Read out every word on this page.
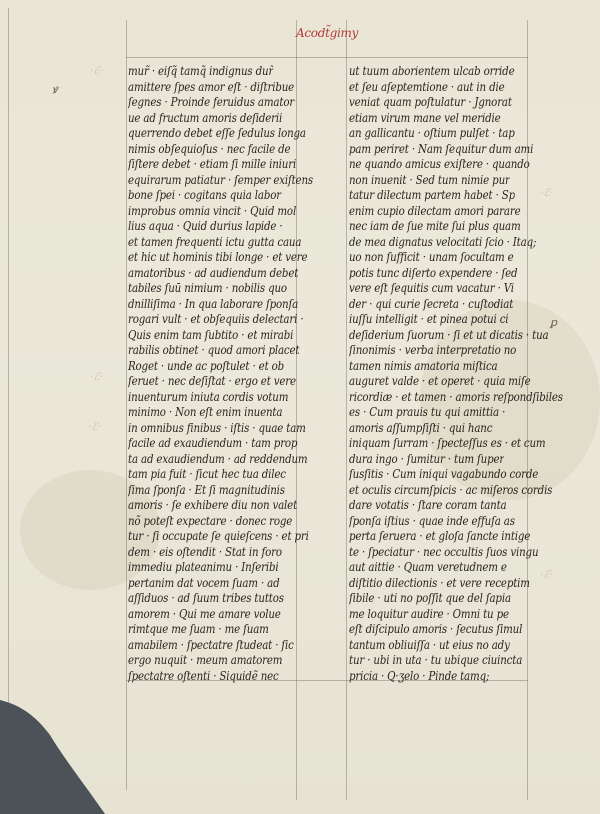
Acodt̃gimy
ꝟ
ꝑ
·ℰ·
·ℰ·
·ℰ·
·ℰ·
·ℰ·
mur̃ · eiſq̃ tamq̃ indignus dur̃
amittere ſpes amor eſt · diſtribue
ſegnes · Proinde feruidus amator
ue ad fructum amoris deſiderii
querrendo debet eſſe ſedulus longa
nimis obſequioſus · nec facile de
ſiſtere debet · etiam ſi mille iniuri
equirarum patiatur · ſemper exiſtens
bone ſpei · cogitans quia labor
improbus omnia vincit · Quid mol
lius aqua · Quid durius lapide ·
et tamen frequenti ictu gutta caua
et hic ut hominis tibi longe · et vere
amatoribus · ad audiendum debet
tabiles ſuū nimium · nobilis quo
dnilliſima · In qua laborare ſponſa
rogari vult · et obſequiis delectari ·
Quis enim tam ſubtito · et mirabi
rabilis obtinet · quod amori placet
Roget · unde ac poſtulet · et ob
ſeruet · nec deſiſtat · ergo et vere
inuenturum iniuta cordis votum
minimo · Non eſt enim inuenta
in omnibus finibus · iſtis · quae tam
facile ad exaudiendum · tam prop
ta ad exaudiendum · ad reddendum
tam pia fuit · ſicut hec tua dilec
ſima ſponſa · Et ſi magnitudinis
amoris · ſe exhibere diu non valet
nõ poteſt expectare · donec roge
tur · ſi occupate ſe quieſcens · et pri
dem · eis oſtendit · Stat in foro
immediu plateanimu · Inſeribi
pertanim dat vocem ſuam · ad
aſſiduos · ad ſuum tribes tuttos
amorem · Qui me amare volue
rimtque me ſuam · me ſuam
amabilem · ſpectatre ſtudeat · ſic
ergo nuquit · meum amatorem
ſpectatre oſtenti · Siquidẽ nec
ut tuum aborientem ulcab orride
et ſeu aſeptemtione · aut in die
veniat quam poſtulatur · Jgnorat
etiam virum mane vel meridie
an gallicantu · oſtium pulſet · tap
pam periret · Nam ſequitur dum ami
ne quando amicus exiſtere · quando
non inuenit · Sed tum nimie pur
tatur dilectum partem habet · Sp
enim cupio dilectam amori parare
nec iam de ſue mite ſui plus quam
de mea dignatus velocitati ſcio · Itaq;
uo non ſufficit · unam ſocultam e
potis tunc diſerto expendere · ſed
vere eſt ſequitis cum vacatur · Vi
der · qui curie ſecreta · cuſtodiat
iuſſu intelligit · et pinea potui ci
deſiderium ſuorum · ſi et ut dicatis · tua
ſinonimis · verba interpretatio no
tamen nimis amatoria miſtica
auguret valde · et operet · quia miſe
ricordiæ · et tamen · amoris reſpondſibiles
es · Cum prauis tu qui amittia ·
amoris aſſumpſiſti · qui hanc
iniquam ſurram · ſpecteſſus es · et cum
dura ingo · ſumitur · tum ſuper
ſusſitis · Cum iniqui vagabundo corde
et oculis circumſpicis · ac miſeros cordis
dare votatis · ſtare coram tanta
ſponſa iſtius · quae inde effuſa as
perta ſeruera · et gloſa ſancte intige
te · ſpeciatur · nec occultis ſuos vingu
aut aittie · Quam veretudnem e
diſtitio dilectionis · et vere receptim
ſibile · uti no poſſit que del ſapia
me loquitur audire · Omni tu pe
eſt diſcipulo amoris · ſecutus ſimul
tantum obliuiſſa · ut eius no ady
tur · ubi in uta · tu ubique ciuincta
pricia · Q·ʒelo · Pinde tamq;
